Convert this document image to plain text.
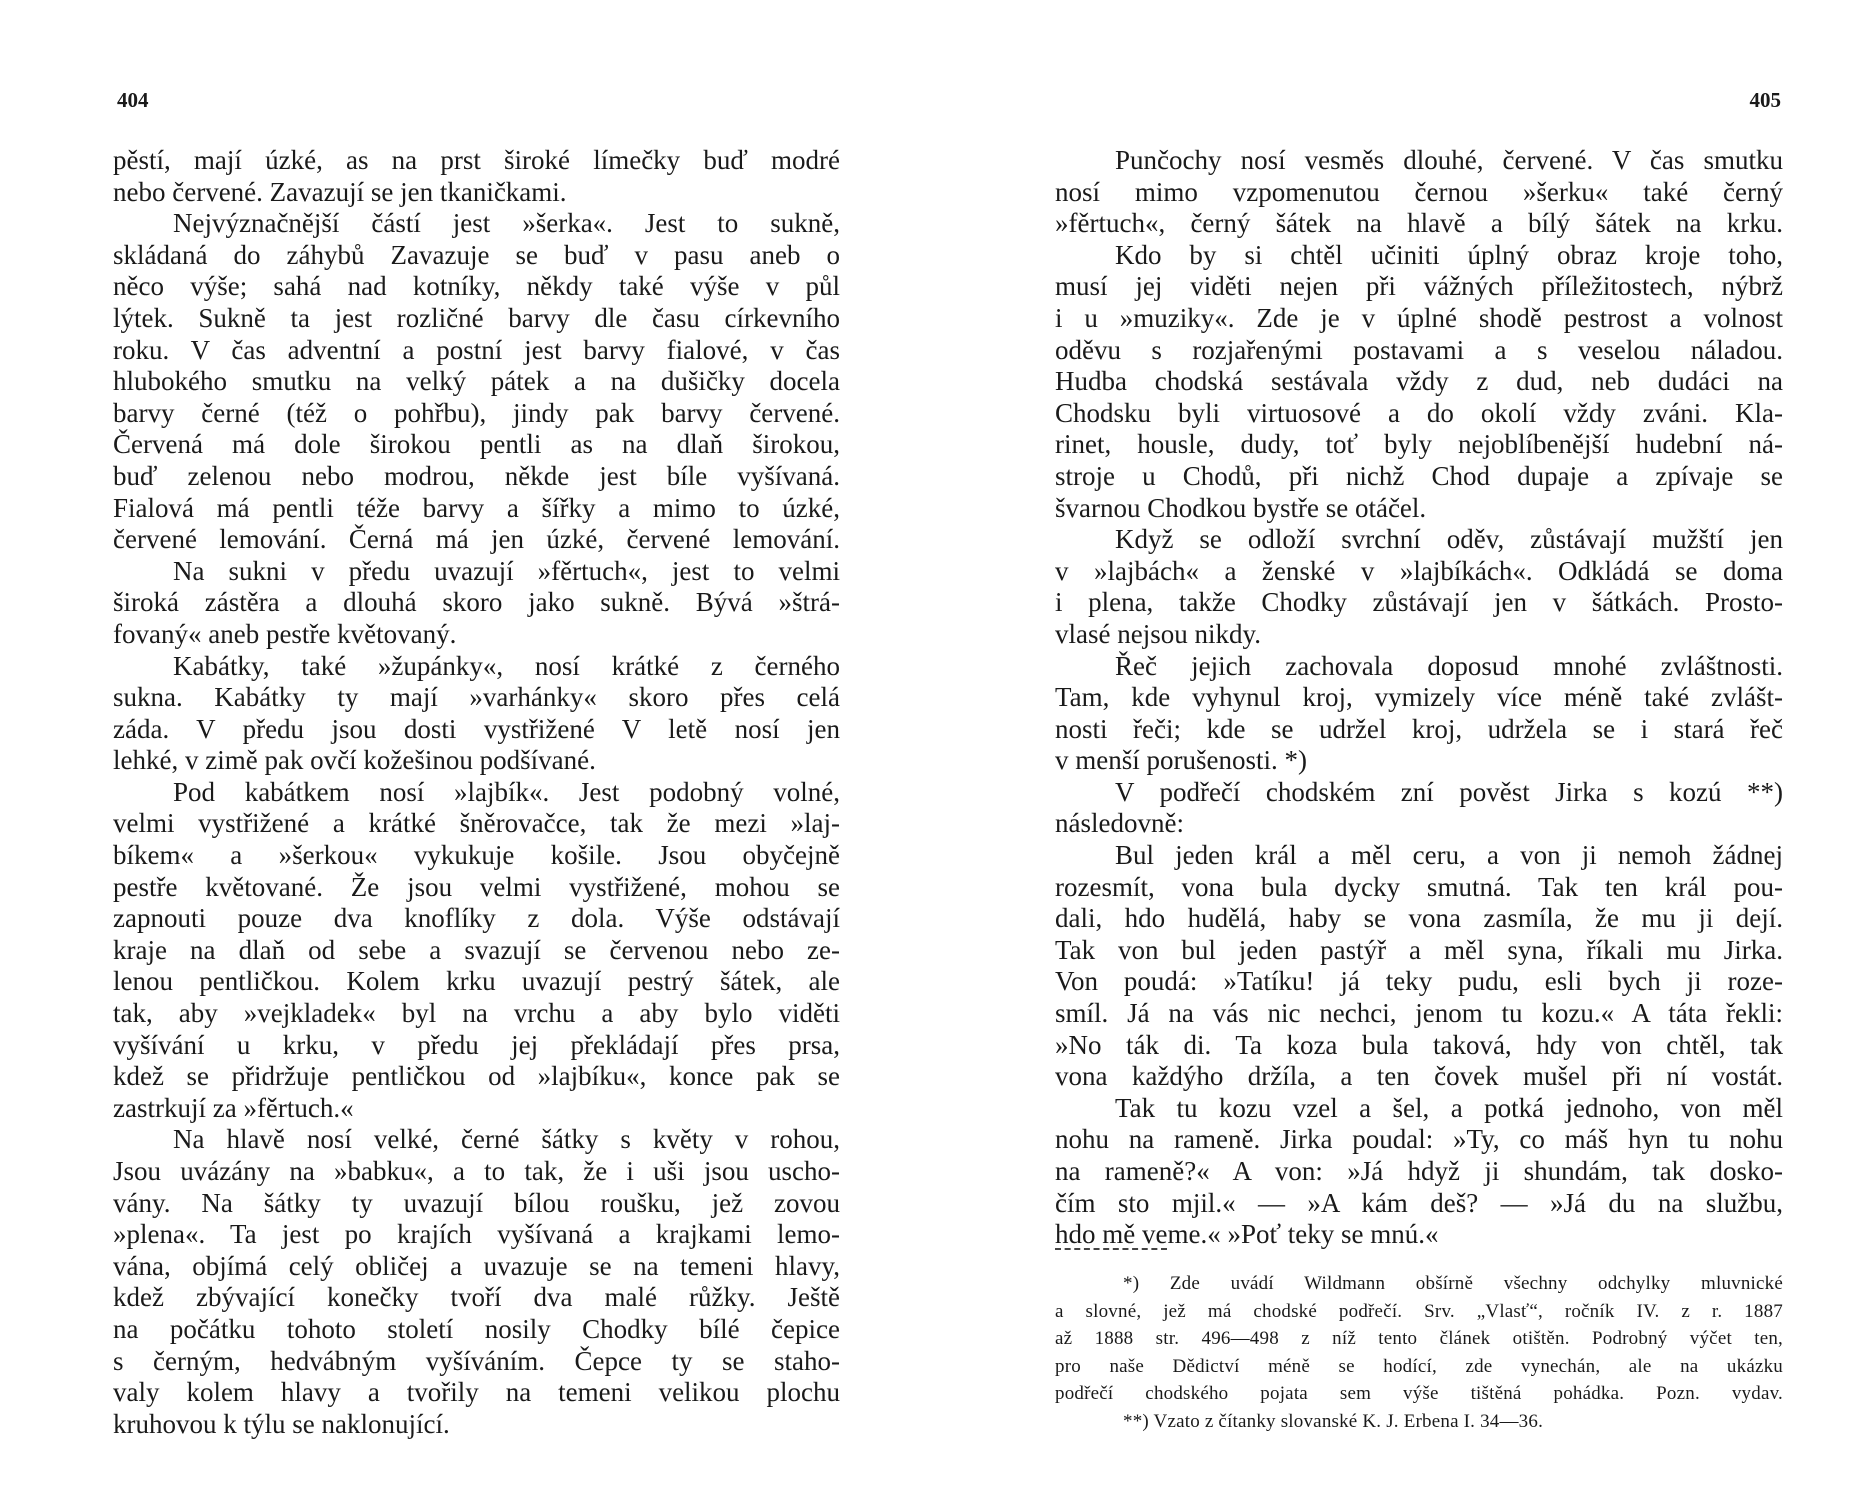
404
pěstí, mají úzké, as na prst široké límečky buď modré
nebo červené. Zavazují se jen tkaničkami.
Nejvýznačnější částí jest »šerka«. Jest to sukně,
skládaná do záhybů Zavazuje se buď v pasu aneb o
něco výše; sahá nad kotníky, někdy také výše v půl
lýtek. Sukně ta jest rozličné barvy dle času církevního
roku. V čas adventní a postní jest barvy fialové, v čas
hlubokého smutku na velký pátek a na dušičky docela
barvy černé (též o pohřbu), jindy pak barvy červené.
Červená má dole širokou pentli as na dlaň širokou,
buď zelenou nebo modrou, někde jest bíle vyšívaná.
Fialová má pentli téže barvy a šířky a mimo to úzké,
červené lemování. Černá má jen úzké, červené lemování.
Na sukni v předu uvazují »fěrtuch«, jest to velmi
široká zástěra a dlouhá skoro jako sukně. Bývá »štrá-
fovaný« aneb pestře květovaný.
Kabátky, také »župánky«, nosí krátké z černého
sukna. Kabátky ty mají »varhánky« skoro přes celá
záda. V předu jsou dosti vystřižené V letě nosí jen
lehké, v zimě pak ovčí kožešinou podšívané.
Pod kabátkem nosí »lajbík«. Jest podobný volné,
velmi vystřižené a krátké šněrovačce, tak že mezi »laj-
bíkem« a »šerkou« vykukuje košile. Jsou obyčejně
pestře květované. Že jsou velmi vystřižené, mohou se
zapnouti pouze dva knoflíky z dola. Výše odstávají
kraje na dlaň od sebe a svazují se červenou nebo ze-
lenou pentličkou. Kolem krku uvazují pestrý šátek, ale
tak, aby »vejkladek« byl na vrchu a aby bylo viděti
vyšívání u krku, v předu jej překládají přes prsa,
kdež se přidržuje pentličkou od »lajbíku«, konce pak se
zastrkují za »fěrtuch.«
Na hlavě nosí velké, černé šátky s květy v rohou,
Jsou uvázány na »babku«, a to tak, že i uši jsou uscho-
vány. Na šátky ty uvazují bílou roušku, jež zovou
»plena«. Ta jest po krajích vyšívaná a krajkami lemo-
vána, objímá celý obličej a uvazuje se na temeni hlavy,
kdež zbývající konečky tvoří dva malé růžky. Ještě
na počátku tohoto století nosily Chodky bílé čepice
s černým, hedvábným vyšíváním. Čepce ty se staho-
valy kolem hlavy a tvořily na temeni velikou plochu
kruhovou k týlu se naklonující.
405
Punčochy nosí vesměs dlouhé, červené. V čas smutku
nosí mimo vzpomenutou černou »šerku« také černý
»fěrtuch«, černý šátek na hlavě a bílý šátek na krku.
Kdo by si chtěl učiniti úplný obraz kroje toho,
musí jej viděti nejen při vážných příležitostech, nýbrž
i u »muziky«. Zde je v úplné shodě pestrost a volnost
oděvu s rozjařenými postavami a s veselou náladou.
Hudba chodská sestávala vždy z dud, neb dudáci na
Chodsku byli virtuosové a do okolí vždy zváni. Kla-
rinet, housle, dudy, toť byly nejoblíbenější hudební ná-
stroje u Chodů, při nichž Chod dupaje a zpívaje se
švarnou Chodkou bystře se otáčel.
Když se odloží svrchní oděv, zůstávají mužští jen
v »lajbách« a ženské v »lajbíkách«. Odkládá se doma
i plena, takže Chodky zůstávají jen v šátkách. Prosto-
vlasé nejsou nikdy.
Řeč jejich zachovala doposud mnohé zvláštnosti.
Tam, kde vyhynul kroj, vymizely více méně také zvlášt-
nosti řeči; kde se udržel kroj, udržela se i stará řeč
v menší porušenosti. *)
V podřečí chodském zní pověst Jirka s kozú **)
následovně:
Bul jeden král a měl ceru, a von ji nemoh žádnej
rozesmít, vona bula dycky smutná. Tak ten král pou-
dali, hdo hudělá, haby se vona zasmíla, že mu ji dejí.
Tak von bul jeden pastýř a měl syna, říkali mu Jirka.
Von poudá: »Tatíku! já teky pudu, esli bych ji roze-
smíl. Já na vás nic nechci, jenom tu kozu.« A táta řekli:
»No ták di. Ta koza bula taková, hdy von chtěl, tak
vona každýho držíla, a ten čovek mušel při ní vostát.
Tak tu kozu vzel a šel, a potká jednoho, von měl
nohu na rameně. Jirka poudal: »Ty, co máš hyn tu nohu
na rameně?« A von: »Já hdyž ji shundám, tak dosko-
čím sto mjil.« — »A kám deš? — »Já du na službu,
hdo mě veme.« »Poť teky se mnú.«
*) Zde uvádí Wildmann obšírně všechny odchylky mluvnické
a slovné, jež má chodské podřečí. Srv. „Vlasť“, ročník IV. z r. 1887
až 1888 str. 496—498 z níž tento článek otištěn. Podrobný výčet ten,
pro naše Dědictví méně se hodící, zde vynechán, ale na ukázku
podřečí chodského pojata sem výše tištěná pohádka. Pozn. vydav.
**) Vzato z čítanky slovanské K. J. Erbena I. 34—36.
